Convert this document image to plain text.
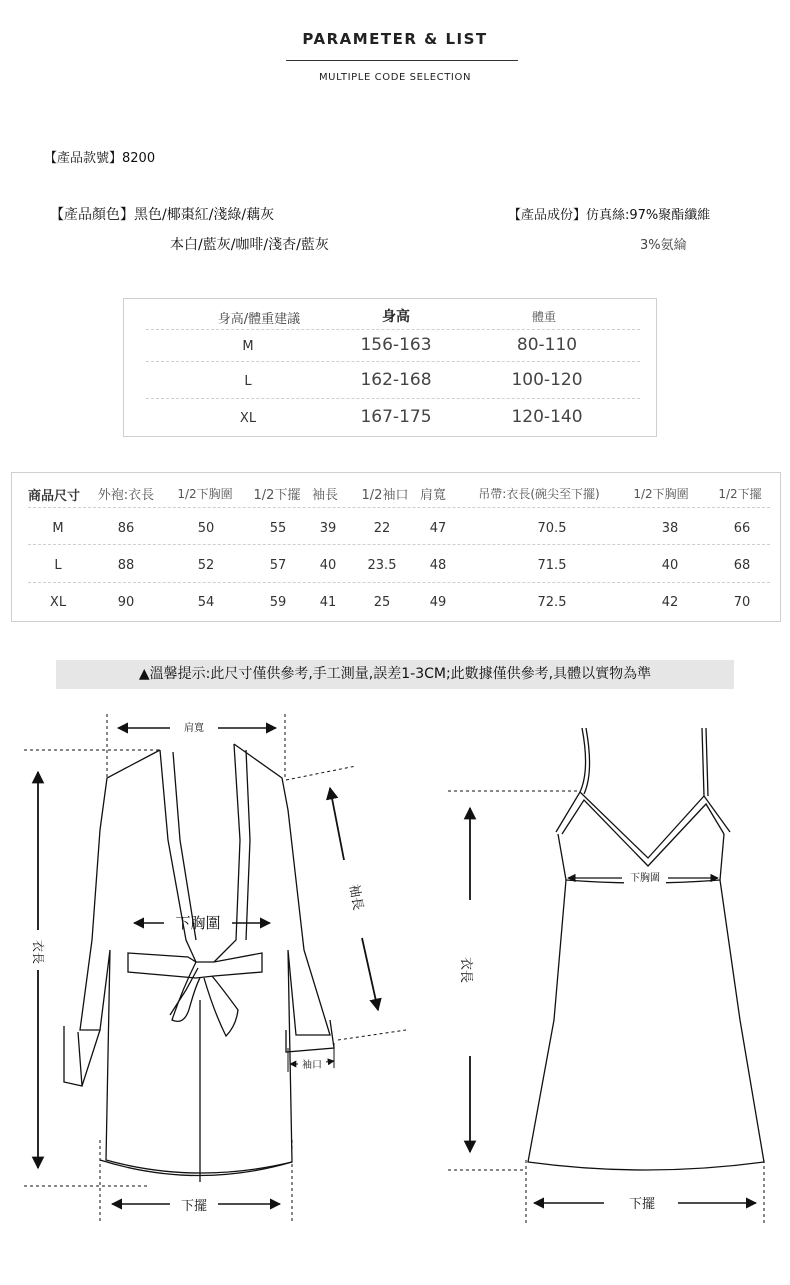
PARAMETER & LIST
MULTIPLE CODE SELECTION
【產品款號】8200
【產品顏色】黑色/椰棗紅/淺綠/藕灰
本白/藍灰/咖啡/淺杏/藍灰
【產品成份】仿真絲:97%聚酯纖維
3%氨綸
身高/體重建議	身高	體重
M	156-163	80-110
L	162-168	100-120
XL	167-175	120-140
商品尺寸	外袍:衣長	1/2下胸圍	1/2下擺 袖長	1/2袖口 肩寬	吊帶:衣長(碗尖至下擺)	1/2下胸圍	1/2下擺
M	86	50	55	39	22	47	70.5	38	66
L	88	52	57	40	23.5	48	71.5	40	68
XL	90	54	59	41	25	49	72.5	42	70
▲溫馨提示:此尺寸僅供參考,手工測量,誤差1-3CM;此數據僅供參考,具體以實物為準
肩寬
下胸圍
下擺
袖口
袖長
衣長
下胸圍
衣長
下擺
